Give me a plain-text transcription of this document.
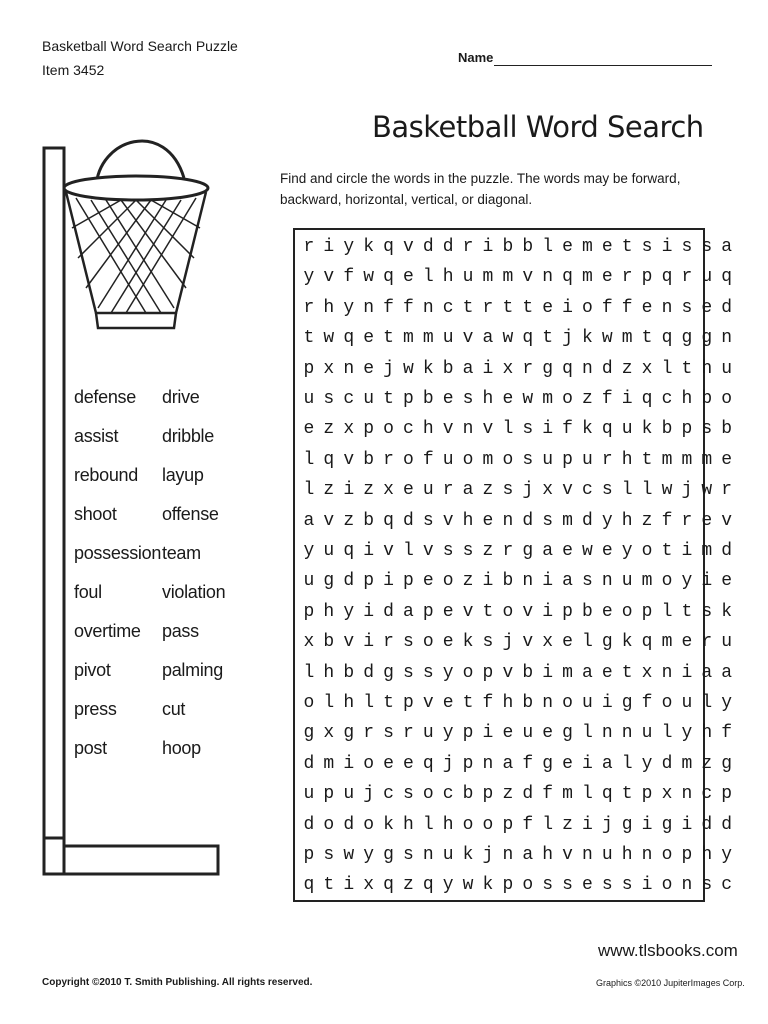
Basketball Word Search Puzzle
Item 3452
Name
Basketball Word Search
Find and circle the words in the puzzle. The words may be forward, backward, horizontal, vertical, or diagonal.
defense
assist
rebound
shoot
possession
foul
overtime
pivot
press
post
drive
dribble
layup
offense
team
violation
pass
palming
cut
hoop
r i y k q v d d r i b b l e m e t s i s s a
y v f w q e l h u m m v n q m e r p q r u q
r h y n f f n c t r t t e i o f f e n s e d
t w q e t m m u v a w q t j k w m t q g g n
p x n e j w k b a i x r g q n d z x l t h u
u s c u t p b e s h e w m o z f i q c h b o
e z x p o c h v n v l s i f k q u k b p s b
l q v b r o f u o m o s u p u r h t m m m e
l z i z x e u r a z s j x v c s l l w j w r
a v z b q d s v h e n d s m d y h z f r e v
y u q i v l v s s z r g a e w e y o t i m d
u g d p i p e o z i b n i a s n u m o y i e
p h y i d a p e v t o v i p b e o p l t s k
x b v i r s o e k s j v x e l g k q m e r u
l h b d g s s y o p v b i m a e t x n i a a
o l h l t p v e t f h b n o u i g f o u l y
g x g r s r u y p i e u e g l n n u l y h f
d m i o e e q j p n a f g e i a l y d m z g
u p u j c s o c b p z d f m l q t p x n c p
d o d o k h l h o o p f l z i j g i g i d d
p s w y g s n u k j n a h v n u h n o p h y
q t i x q z q y w k p o s s e s s i o n s c
www.tlsbooks.com
Copyright ©2010 T. Smith Publishing. All rights reserved.	Graphics ©2010 JupiterImages Corp.
